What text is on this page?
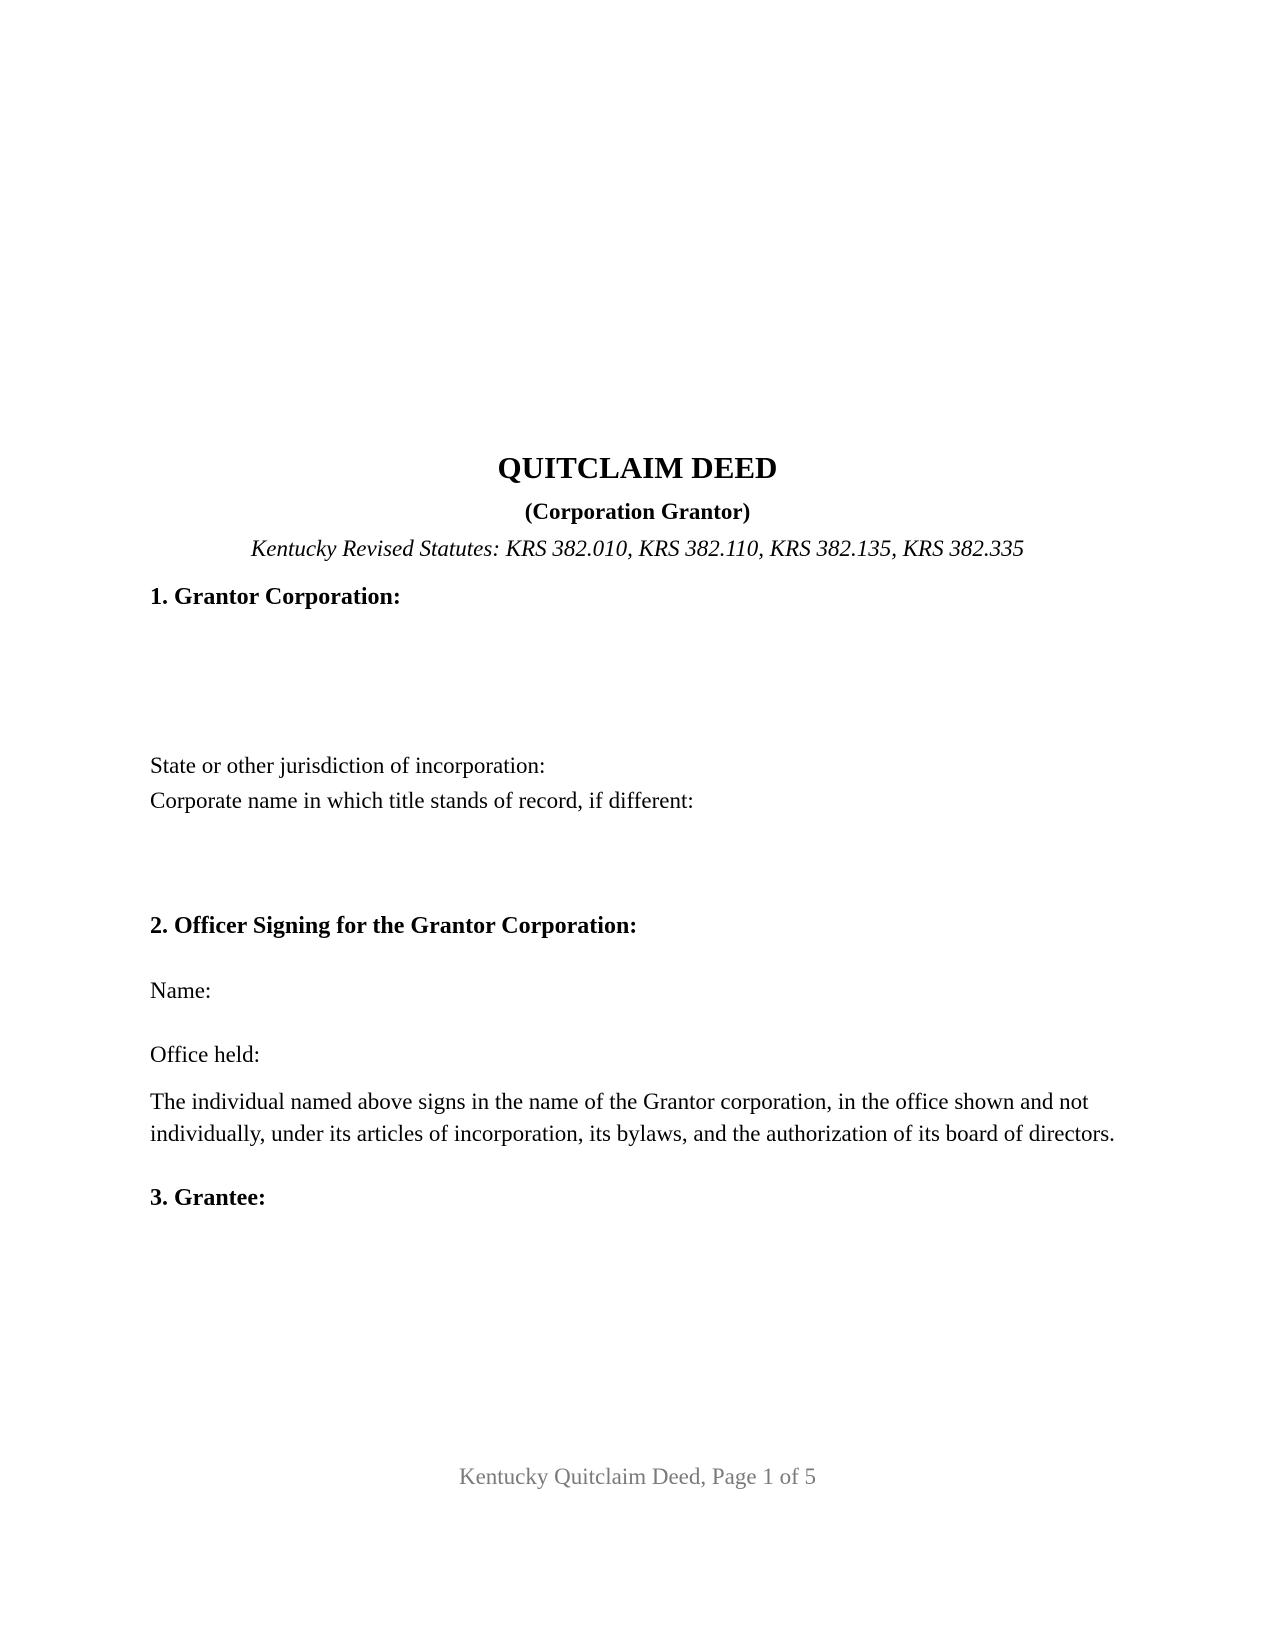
QUITCLAIM DEED
(Corporation Grantor)
Kentucky Revised Statutes: KRS 382.010, KRS 382.110, KRS 382.135, KRS 382.335
1. Grantor Corporation:
State or other jurisdiction of incorporation:
Corporate name in which title stands of record, if different:
2. Officer Signing for the Grantor Corporation:
Name:
Office held:
The individual named above signs in the name of the Grantor corporation, in the office shown and not individually, under its articles of incorporation, its bylaws, and the authorization of its board of directors.
3. Grantee:
Kentucky Quitclaim Deed, Page 1 of 5
